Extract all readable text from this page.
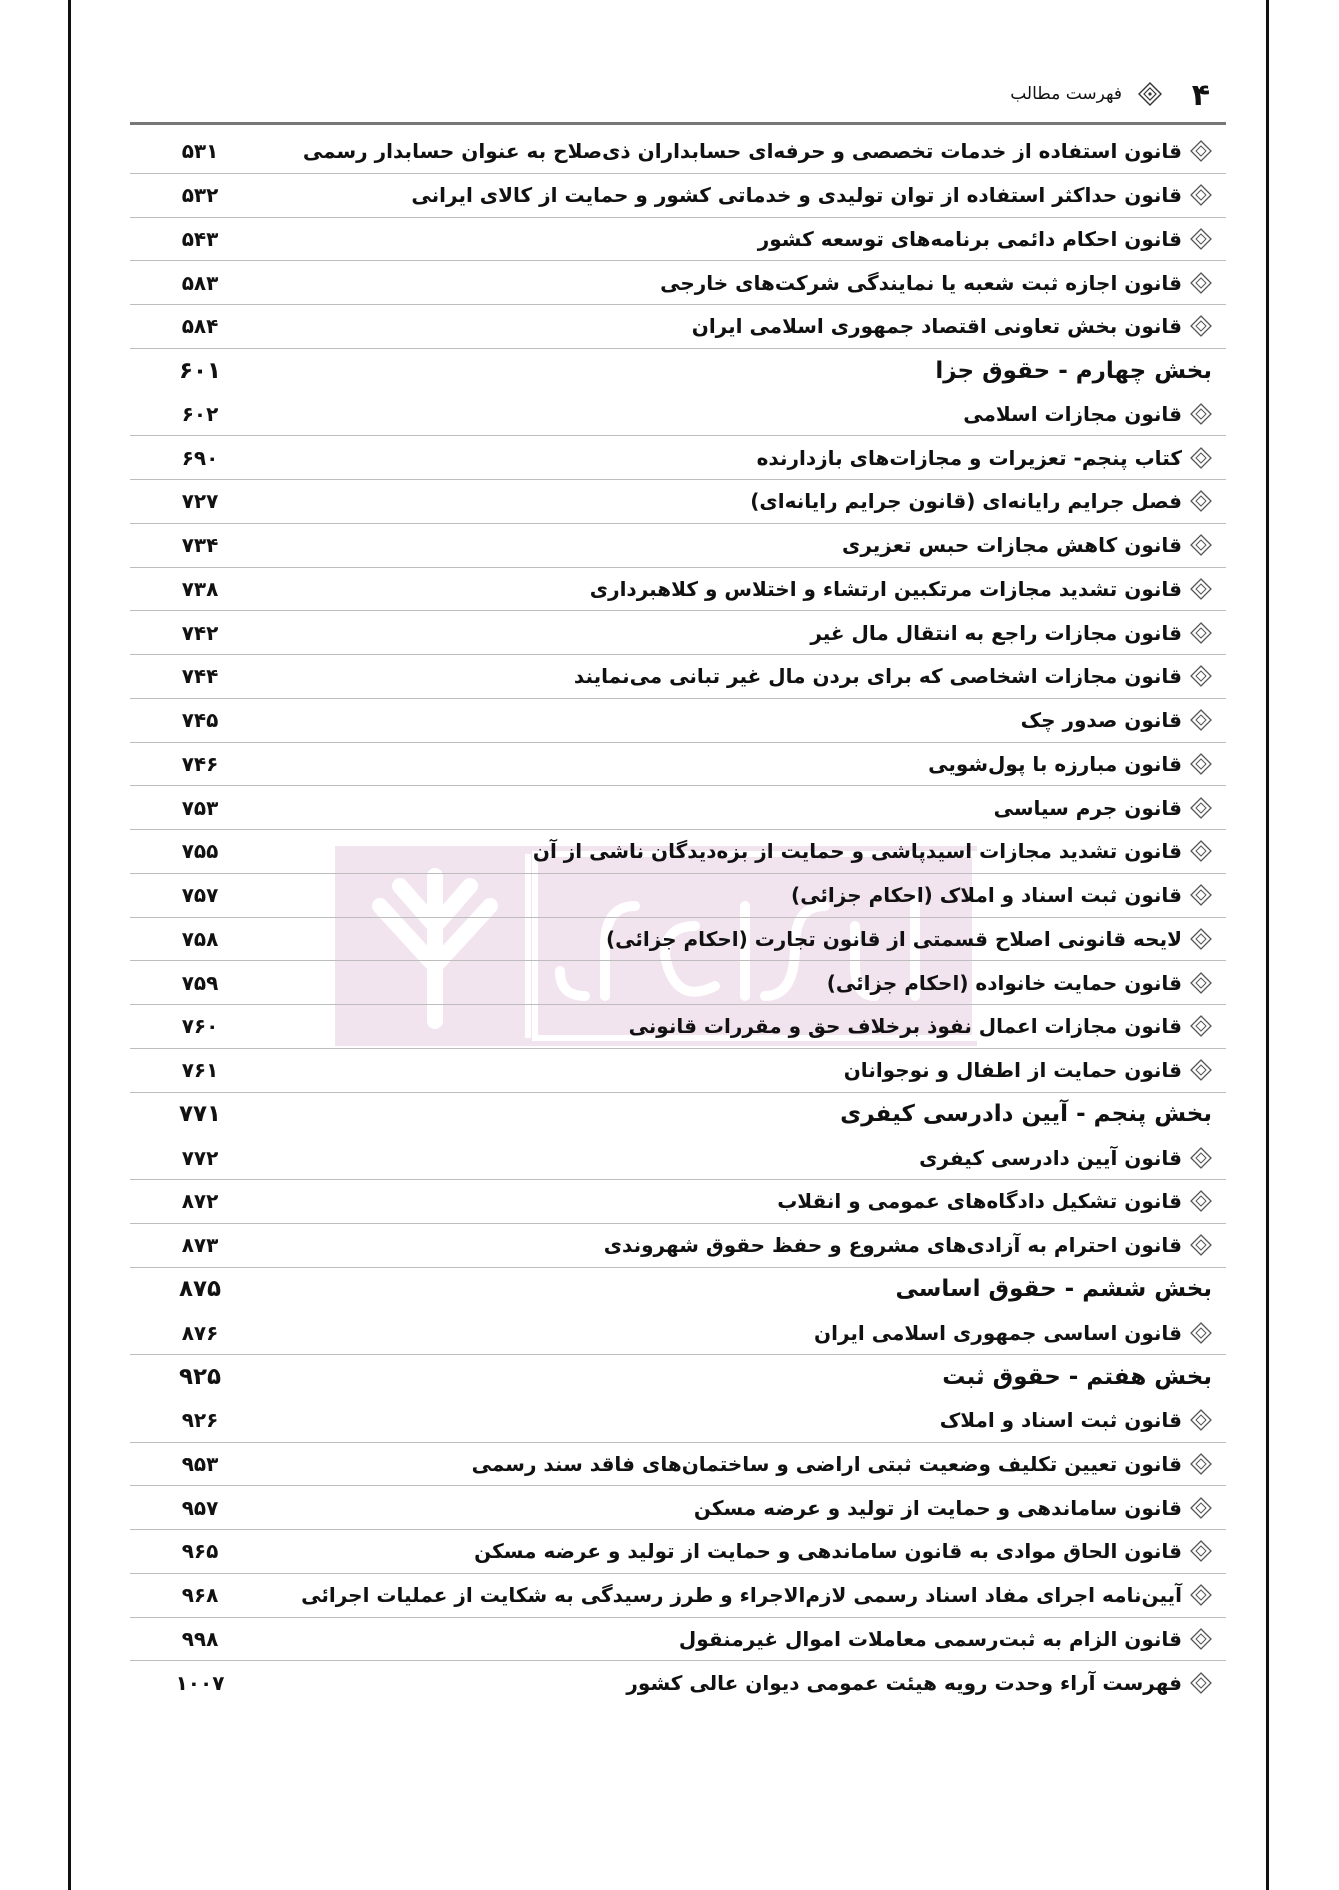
۴
فهرست مطالب
قانون استفاده از خدمات تخصصی و حرفه‌ای حسابداران ذی‌صلاح به عنوان حسابدار رسمی
۵۳۱
قانون حداکثر استفاده از توان تولیدی و خدماتی کشور و حمایت از کالای ایرانی
۵۳۲
قانون احکام دائمی برنامه‌های توسعه کشور
۵۴۳
قانون اجازه ثبت شعبه یا نمایندگی شرکت‌های خارجی
۵۸۳
قانون بخش تعاونی اقتصاد جمهوری اسلامی ایران
۵۸۴
بخش چهارم - حقوق جزا
۶۰۱
قانون مجازات اسلامی
۶۰۲
کتاب پنجم- تعزیرات و مجازات‌های بازدارنده
۶۹۰
فصل جرایم رایانه‌ای (قانون جرایم رایانه‌ای)
۷۲۷
قانون کاهش مجازات حبس تعزیری
۷۳۴
قانون تشدید مجازات مرتکبین ارتشاء و اختلاس و کلاهبرداری
۷۳۸
قانون مجازات راجع به انتقال مال غیر
۷۴۲
قانون مجازات اشخاصی که برای بردن مال غیر تبانی می‌نمایند
۷۴۴
قانون صدور چک
۷۴۵
قانون مبارزه با پول‌شویی
۷۴۶
قانون جرم سیاسی
۷۵۳
قانون تشدید مجازات اسیدپاشی و حمایت از بزه‌دیدگان ناشی از آن
۷۵۵
قانون ثبت اسناد و املاک (احکام جزائی)
۷۵۷
لایحه قانونی اصلاح قسمتی از قانون تجارت (احکام جزائی)
۷۵۸
قانون حمایت خانواده (احکام جزائی)
۷۵۹
قانون مجازات اعمال نفوذ برخلاف حق و مقررات قانونی
۷۶۰
قانون حمایت از اطفال و نوجوانان
۷۶۱
بخش پنجم - آیین دادرسی کیفری
۷۷۱
قانون آیین دادرسی کیفری
۷۷۲
قانون تشکیل دادگاه‌های عمومی و انقلاب
۸۷۲
قانون احترام به آزادی‌های مشروع و حفظ حقوق شهروندی
۸۷۳
بخش ششم - حقوق اساسی
۸۷۵
قانون اساسی جمهوری اسلامی ایران
۸۷۶
بخش هفتم - حقوق ثبت
۹۲۵
قانون ثبت اسناد و املاک
۹۲۶
قانون تعیین تکلیف وضعیت ثبتی اراضی و ساختمان‌های فاقد سند رسمی
۹۵۳
قانون ساماندهی و حمایت از تولید و عرضه مسکن
۹۵۷
قانون الحاق موادی به قانون ساماندهی و حمایت از تولید و عرضه مسکن
۹۶۵
آیین‌نامه اجرای مفاد اسناد رسمی لازم‌الاجراء و طرز رسیدگی به شکایت از عملیات اجرائی
۹۶۸
قانون الزام به ثبت‌رسمی معاملات اموال غیرمنقول
۹۹۸
فهرست آراء وحدت رویه هیئت عمومی دیوان عالی کشور
۱۰۰۷
